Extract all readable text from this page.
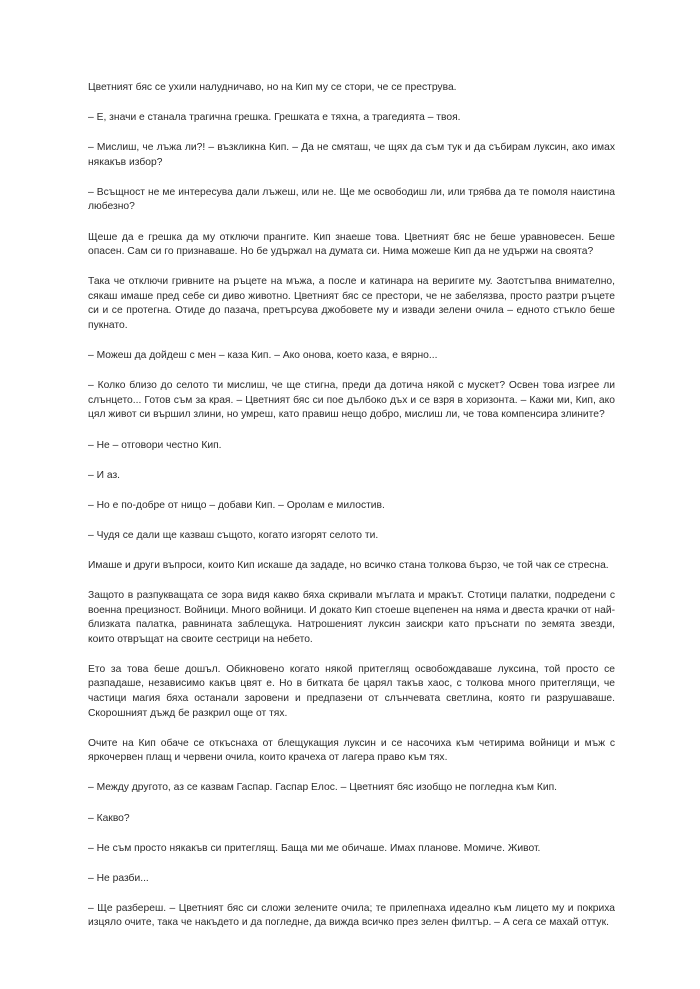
Цветният бяс се ухили налудничаво, но на Кип му се стори, че се преструва.

– Е, значи е станала трагична грешка. Грешката е тяхна, а трагедията – твоя.

– Мислиш, че лъжа ли?! – възкликна Кип. – Да не смяташ, че щях да съм тук и да събирам луксин, ако имах някакъв избор?

– Всъщност не ме интересува дали лъжеш, или не. Ще ме освободиш ли, или трябва да те помоля наистина любезно?

Щеше да е грешка да му отключи прангите. Кип знаеше това. Цветният бяс не беше уравновесен. Беше опасен. Сам си го признаваше. Но бе удържал на думата си. Нима можеше Кип да не удържи на своята?

Така че отключи гривните на ръцете на мъжа, а после и катинара на веригите му. Заотстъпва внимателно, сякаш имаше пред себе си диво животно. Цветният бяс се престори, че не забелязва, просто разтри ръцете си и се протегна. Отиде до пазача, претърсува джобовете му и извади зелени очила – едното стъкло беше пукнато.

– Можеш да дойдеш с мен – каза Кип. – Ако онова, което каза, е вярно...

– Колко близо до селото ти мислиш, че ще стигна, преди да дотича някой с мускет? Освен това изгрее ли слънцето... Готов съм за края. – Цветният бяс си пое дълбоко дъх и се взря в хоризонта. – Кажи ми, Кип, ако цял живот си вършил злини, но умреш, като правиш нещо добро, мислиш ли, че това компенсира злините?

– Не – отговори честно Кип.

– И аз.

– Но е по-добре от нищо – добави Кип. – Оролам е милостив.

– Чудя се дали ще казваш същото, когато изгорят селото ти.

Имаше и други въпроси, които Кип искаше да зададе, но всичко стана толкова бързо, че той чак се стресна.

Защото в разпукващата се зора видя какво бяха скривали мъглата и мракът. Стотици палатки, подредени с военна прецизност. Войници. Много войници. И докато Кип стоеше вцепенен на няма и двеста крачки от най-близката палатка, равнината заблещука. Натрошеният луксин заискри като пръснати по земята звезди, които отвръщат на своите сестрици на небето.

Ето за това беше дошъл. Обикновено когато някой притеглящ освобождаваше луксина, той просто се разпадаше, независимо какъв цвят е. Но в битката бе царял такъв хаос, с толкова много притеглящи, че частици магия бяха останали заровени и предпазени от слънчевата светлина, която ги разрушаваше. Скорошният дъжд бе разкрил още от тях.

Очите на Кип обаче се откъснаха от блещукащия луксин и се насочиха към четирима войници и мъж с яркочервен плащ и червени очила, които крачеха от лагера право към тях.

– Между другото, аз се казвам Гаспар. Гаспар Елос. – Цветният бяс изобщо не погледна към Кип.

– Какво?

– Не съм просто някакъв си притеглящ. Баща ми ме обичаше. Имах планове. Момиче. Живот.

– Не разби...

– Ще разбереш. – Цветният бяс си сложи зелените очила; те прилепнаха идеално към лицето му и покриха изцяло очите, така че накъдето и да погледне, да вижда всичко през зелен филтър. – А сега се махай оттук.
